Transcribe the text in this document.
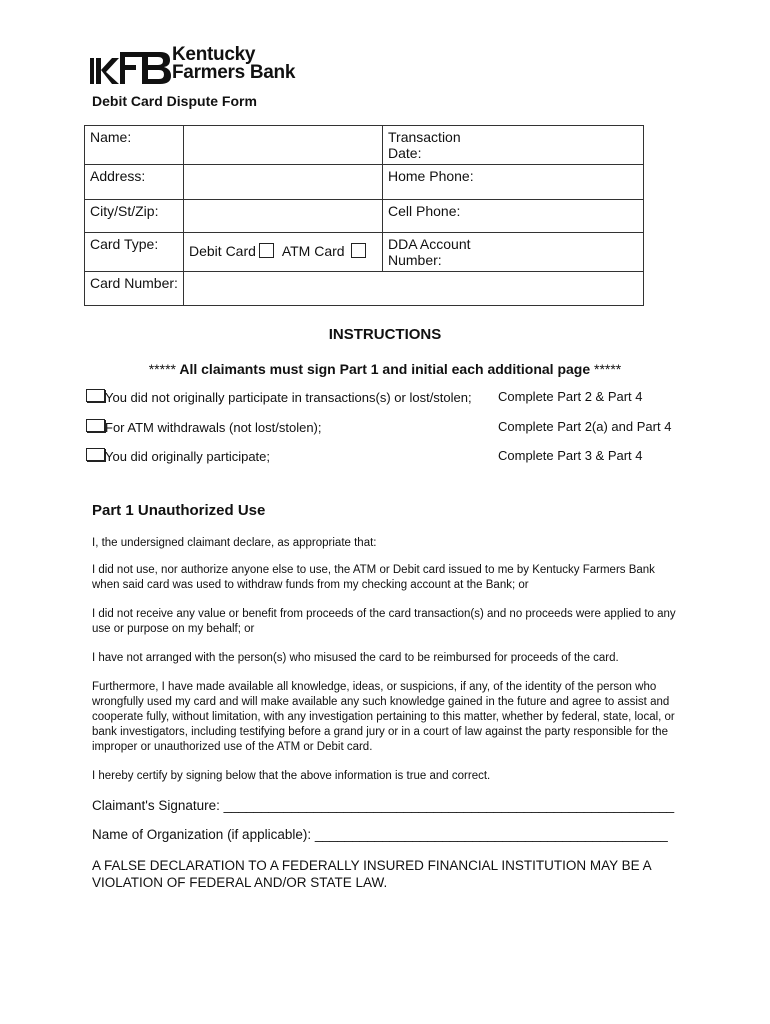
Kentucky
Farmers Bank
Debit Card Dispute Form
Name:		Transaction Date:	
Address:		Home Phone:	
City/St/Zip:		Cell Phone:	
Card Type:	Debit Card ATM Card	DDA Account Number:	
Card Number:			
INSTRUCTIONS
***** All claimants must sign Part 1 and initial each additional page *****
You did not originally participate in transactions(s) or lost/stolen; Complete Part 2 & Part 4
For ATM withdrawals (not lost/stolen);	Complete Part 2(a) and Part 4
You did originally participate;	Complete Part 3 & Part 4
Part 1 Unauthorized Use
I, the undersigned claimant declare, as appropriate that:
I did not use, nor authorize anyone else to use, the ATM or Debit card issued to me by Kentucky Farmers Bank when said card was used to withdraw funds from my checking account at the Bank; or
I did not receive any value or benefit from proceeds of the card transaction(s) and no proceeds were applied to any use or purpose on my behalf; or
I have not arranged with the person(s) who misused the card to be reimbursed for proceeds of the card.
Furthermore, I have made available all knowledge, ideas, or suspicions, if any, of the identity of the person who wrongfully used my card and will make available any such knowledge gained in the future and agree to assist and cooperate fully, without limitation, with any investigation pertaining to this matter, whether by federal, state, local, or bank investigators, including testifying before a grand jury or in a court of law against the party responsible for the improper or unauthorized use of the ATM or Debit card.
I hereby certify by signing below that the above information is true and correct.
Claimant's Signature: ____________________________________________________________
Name of Organization (if applicable): _______________________________________________
A FALSE DECLARATION TO A FEDERALLY INSURED FINANCIAL INSTITUTION MAY BE A VIOLATION OF FEDERAL AND/OR STATE LAW.
